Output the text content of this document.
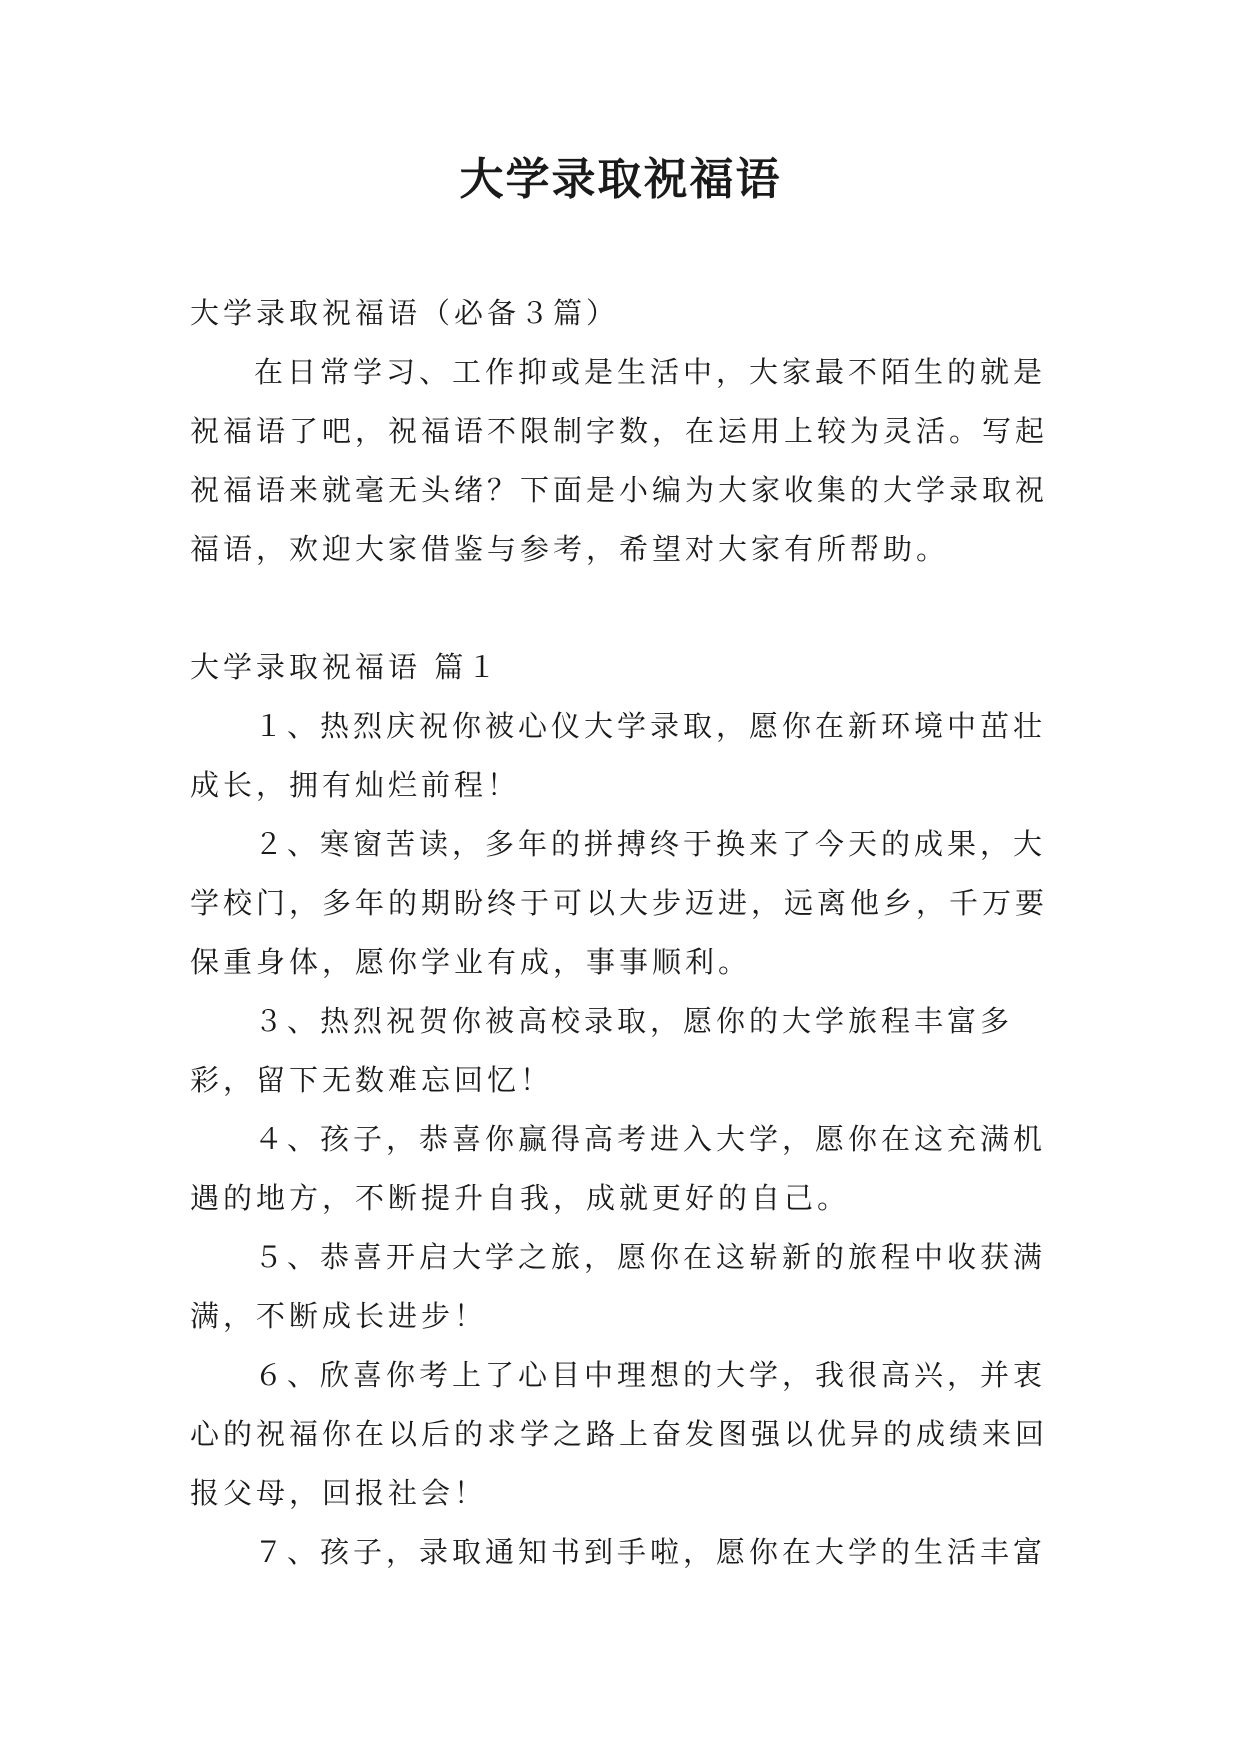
大学录取祝福语

大学录取祝福语（必备３篇）

在日常学习、工作抑或是生活中，大家最不陌生的就是祝福语了吧，祝福语不限制字数，在运用上较为灵活。写起祝福语来就毫无头绪？下面是小编为大家收集的大学录取祝福语，欢迎大家借鉴与参考，希望对大家有所帮助。

大学录取祝福语 篇１

１、热烈庆祝你被心仪大学录取，愿你在新环境中茁壮成长，拥有灿烂前程！

２、寒窗苦读，多年的拼搏终于换来了今天的成果，大学校门，多年的期盼终于可以大步迈进，远离他乡，千万要保重身体，愿你学业有成，事事顺利。

３、热烈祝贺你被高校录取，愿你的大学旅程丰富多彩，留下无数难忘回忆！

４、孩子，恭喜你赢得高考进入大学，愿你在这充满机遇的地方，不断提升自我，成就更好的自己。

５、恭喜开启大学之旅，愿你在这崭新的旅程中收获满满，不断成长进步！

６、欣喜你考上了心目中理想的大学，我很高兴，并衷心的祝福你在以后的求学之路上奋发图强以优异的成绩来回报父母，回报社会！

７、孩子，录取通知书到手啦，愿你在大学的生活丰富
